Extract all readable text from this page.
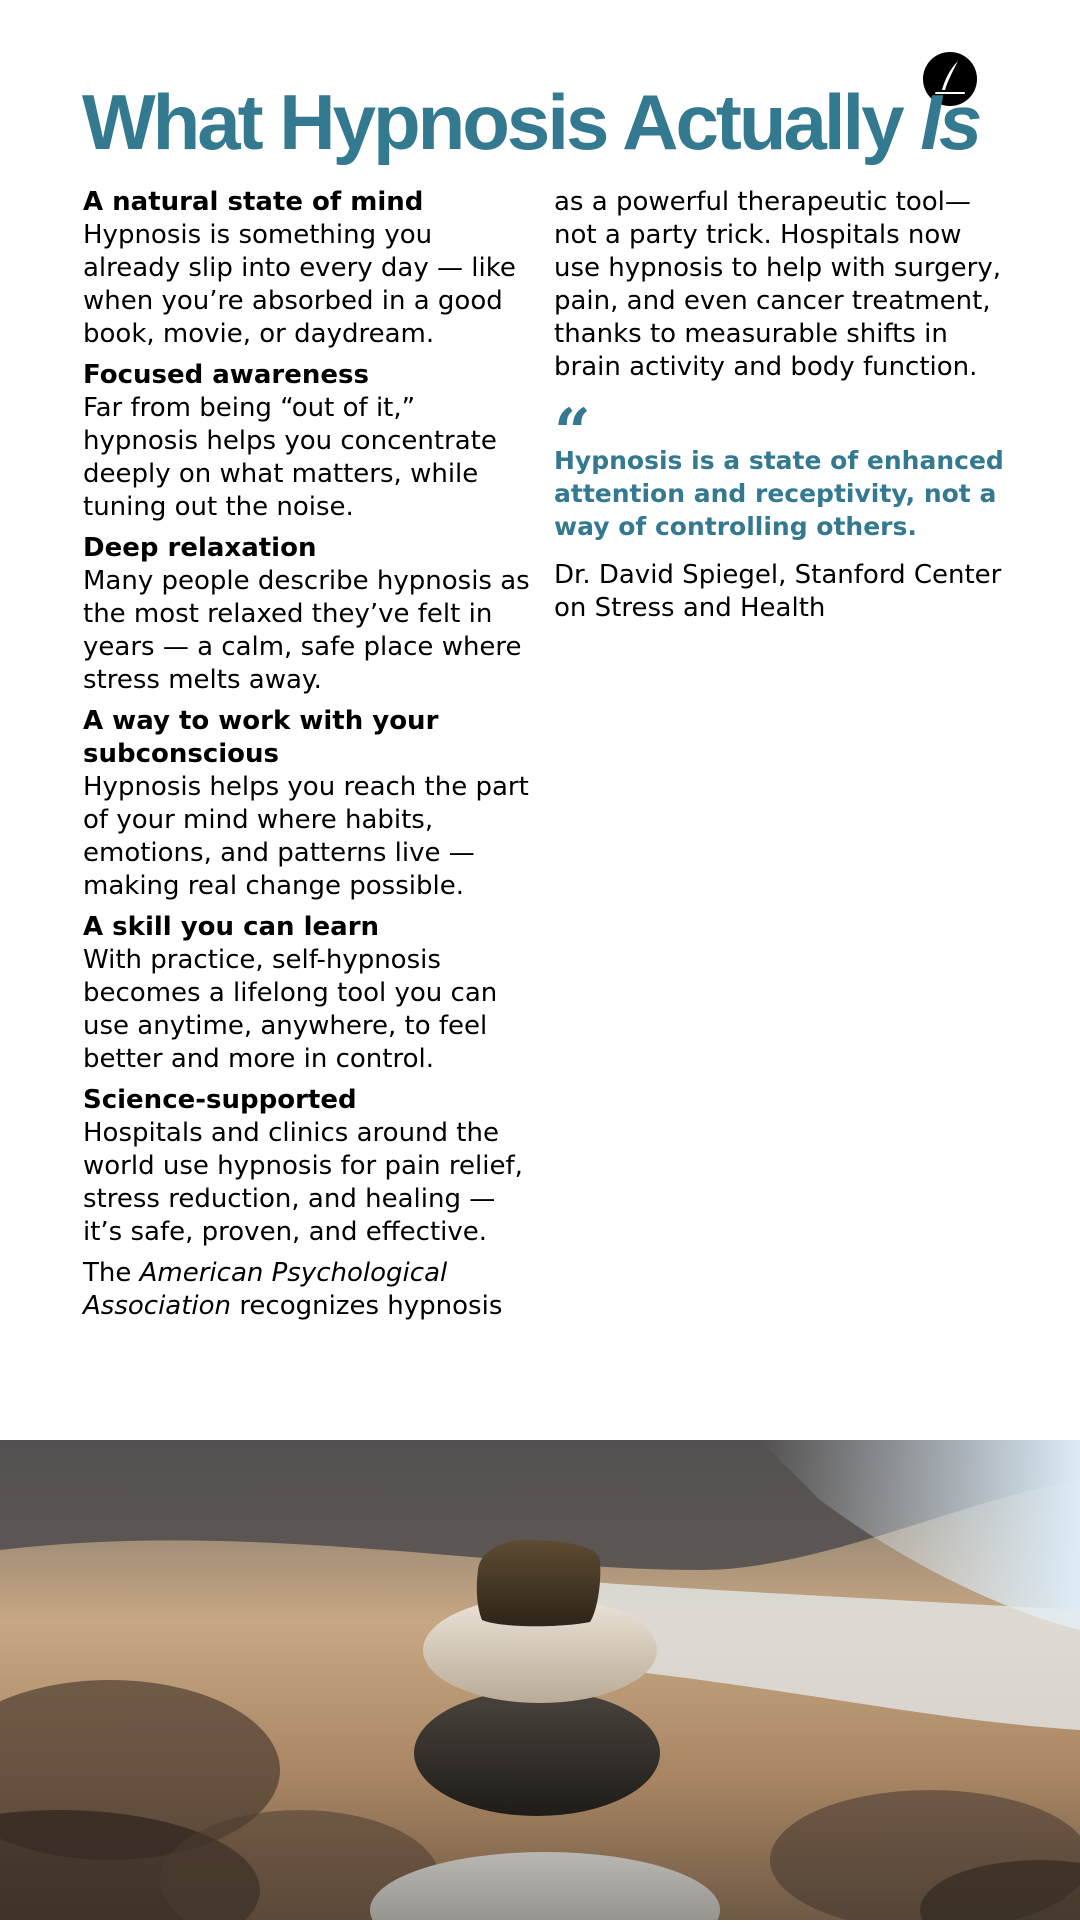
What Hypnosis Actually Is

A natural state of mind

Hypnosis is something you already slip into every day — like when you’re absorbed in a good book, movie, or daydream.

Focused awareness

Far from being “out of it,” hypnosis helps you concentrate deeply on what matters, while tuning out the noise.

Deep relaxation

Many people describe hypnosis as the most relaxed they’ve felt in years — a calm, safe place where stress melts away.

A way to work with your subconscious

Hypnosis helps you reach the part of your mind where habits, emotions, and patterns live — making real change possible.

A skill you can learn

With practice, self-hypnosis becomes a lifelong tool you can use anytime, anywhere, to feel better and more in control.

Science-supported

Hospitals and clinics around the world use hypnosis for pain relief, stress reduction, and healing — it’s safe, proven, and effective.

The American Psychological Association recognizes hypnosis

as a powerful therapeutic tool—not a party trick. Hospitals now use hypnosis to help with surgery, pain, and even cancer treatment, thanks to measurable shifts in brain activity and body function.

Hypnosis is a state of enhanced attention and receptivity, not a way of controlling others.

Dr. David Spiegel, Stanford Center on Stress and Health
